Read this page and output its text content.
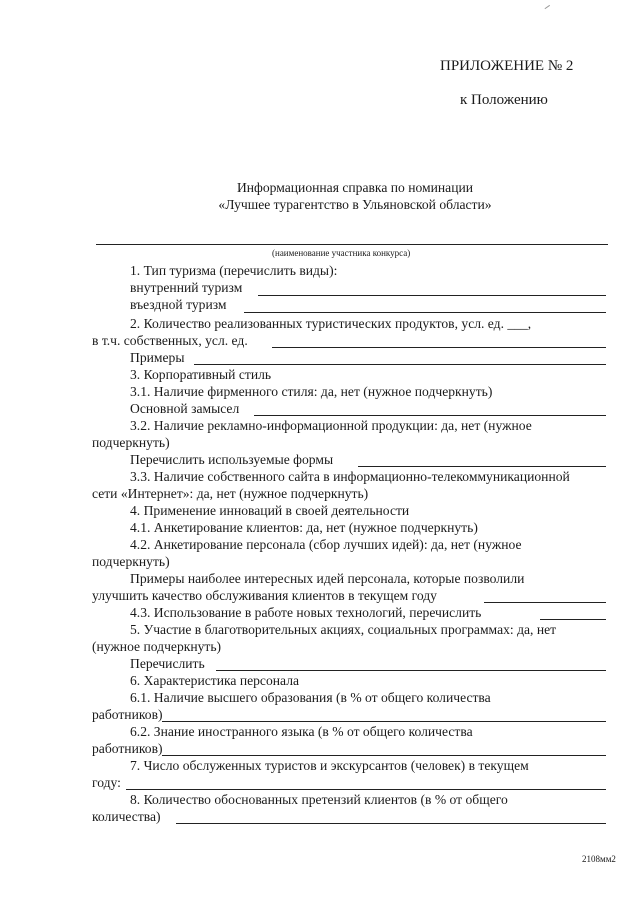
ПРИЛОЖЕНИЕ № 2
к Положению
Информационная справка по номинации
«Лучшее турагентство в Ульяновской области»
(наименование участника конкурса)
1. Тип туризма (перечислить виды):
внутренний туризм
въездной туризм
2. Количество реализованных туристических продуктов, усл. ед. ___,
в т.ч. собственных, усл. ед.
Примеры
3. Корпоративный стиль
3.1. Наличие фирменного стиля: да, нет (нужное подчеркнуть)
Основной замысел
3.2. Наличие рекламно-информационной продукции: да, нет (нужное
подчеркнуть)
Перечислить используемые формы
3.3. Наличие собственного сайта в информационно-телекоммуникационной
сети «Интернет»: да, нет (нужное подчеркнуть)
4. Применение инноваций в своей деятельности
4.1. Анкетирование клиентов: да, нет (нужное подчеркнуть)
4.2. Анкетирование персонала (сбор лучших идей): да, нет (нужное
подчеркнуть)
Примеры наиболее интересных идей персонала, которые позволили
улучшить качество обслуживания клиентов в текущем году
4.3. Использование в работе новых технологий, перечислить
5. Участие в благотворительных акциях, социальных программах: да, нет
(нужное подчеркнуть)
Перечислить
6. Характеристика персонала
6.1. Наличие высшего образования (в % от общего количества
работников)
6.2. Знание иностранного языка (в % от общего количества
работников)
7. Число обслуженных туристов и экскурсантов (человек) в текущем
году:
8. Количество обоснованных претензий клиентов (в % от общего
количества)
2108мм2
